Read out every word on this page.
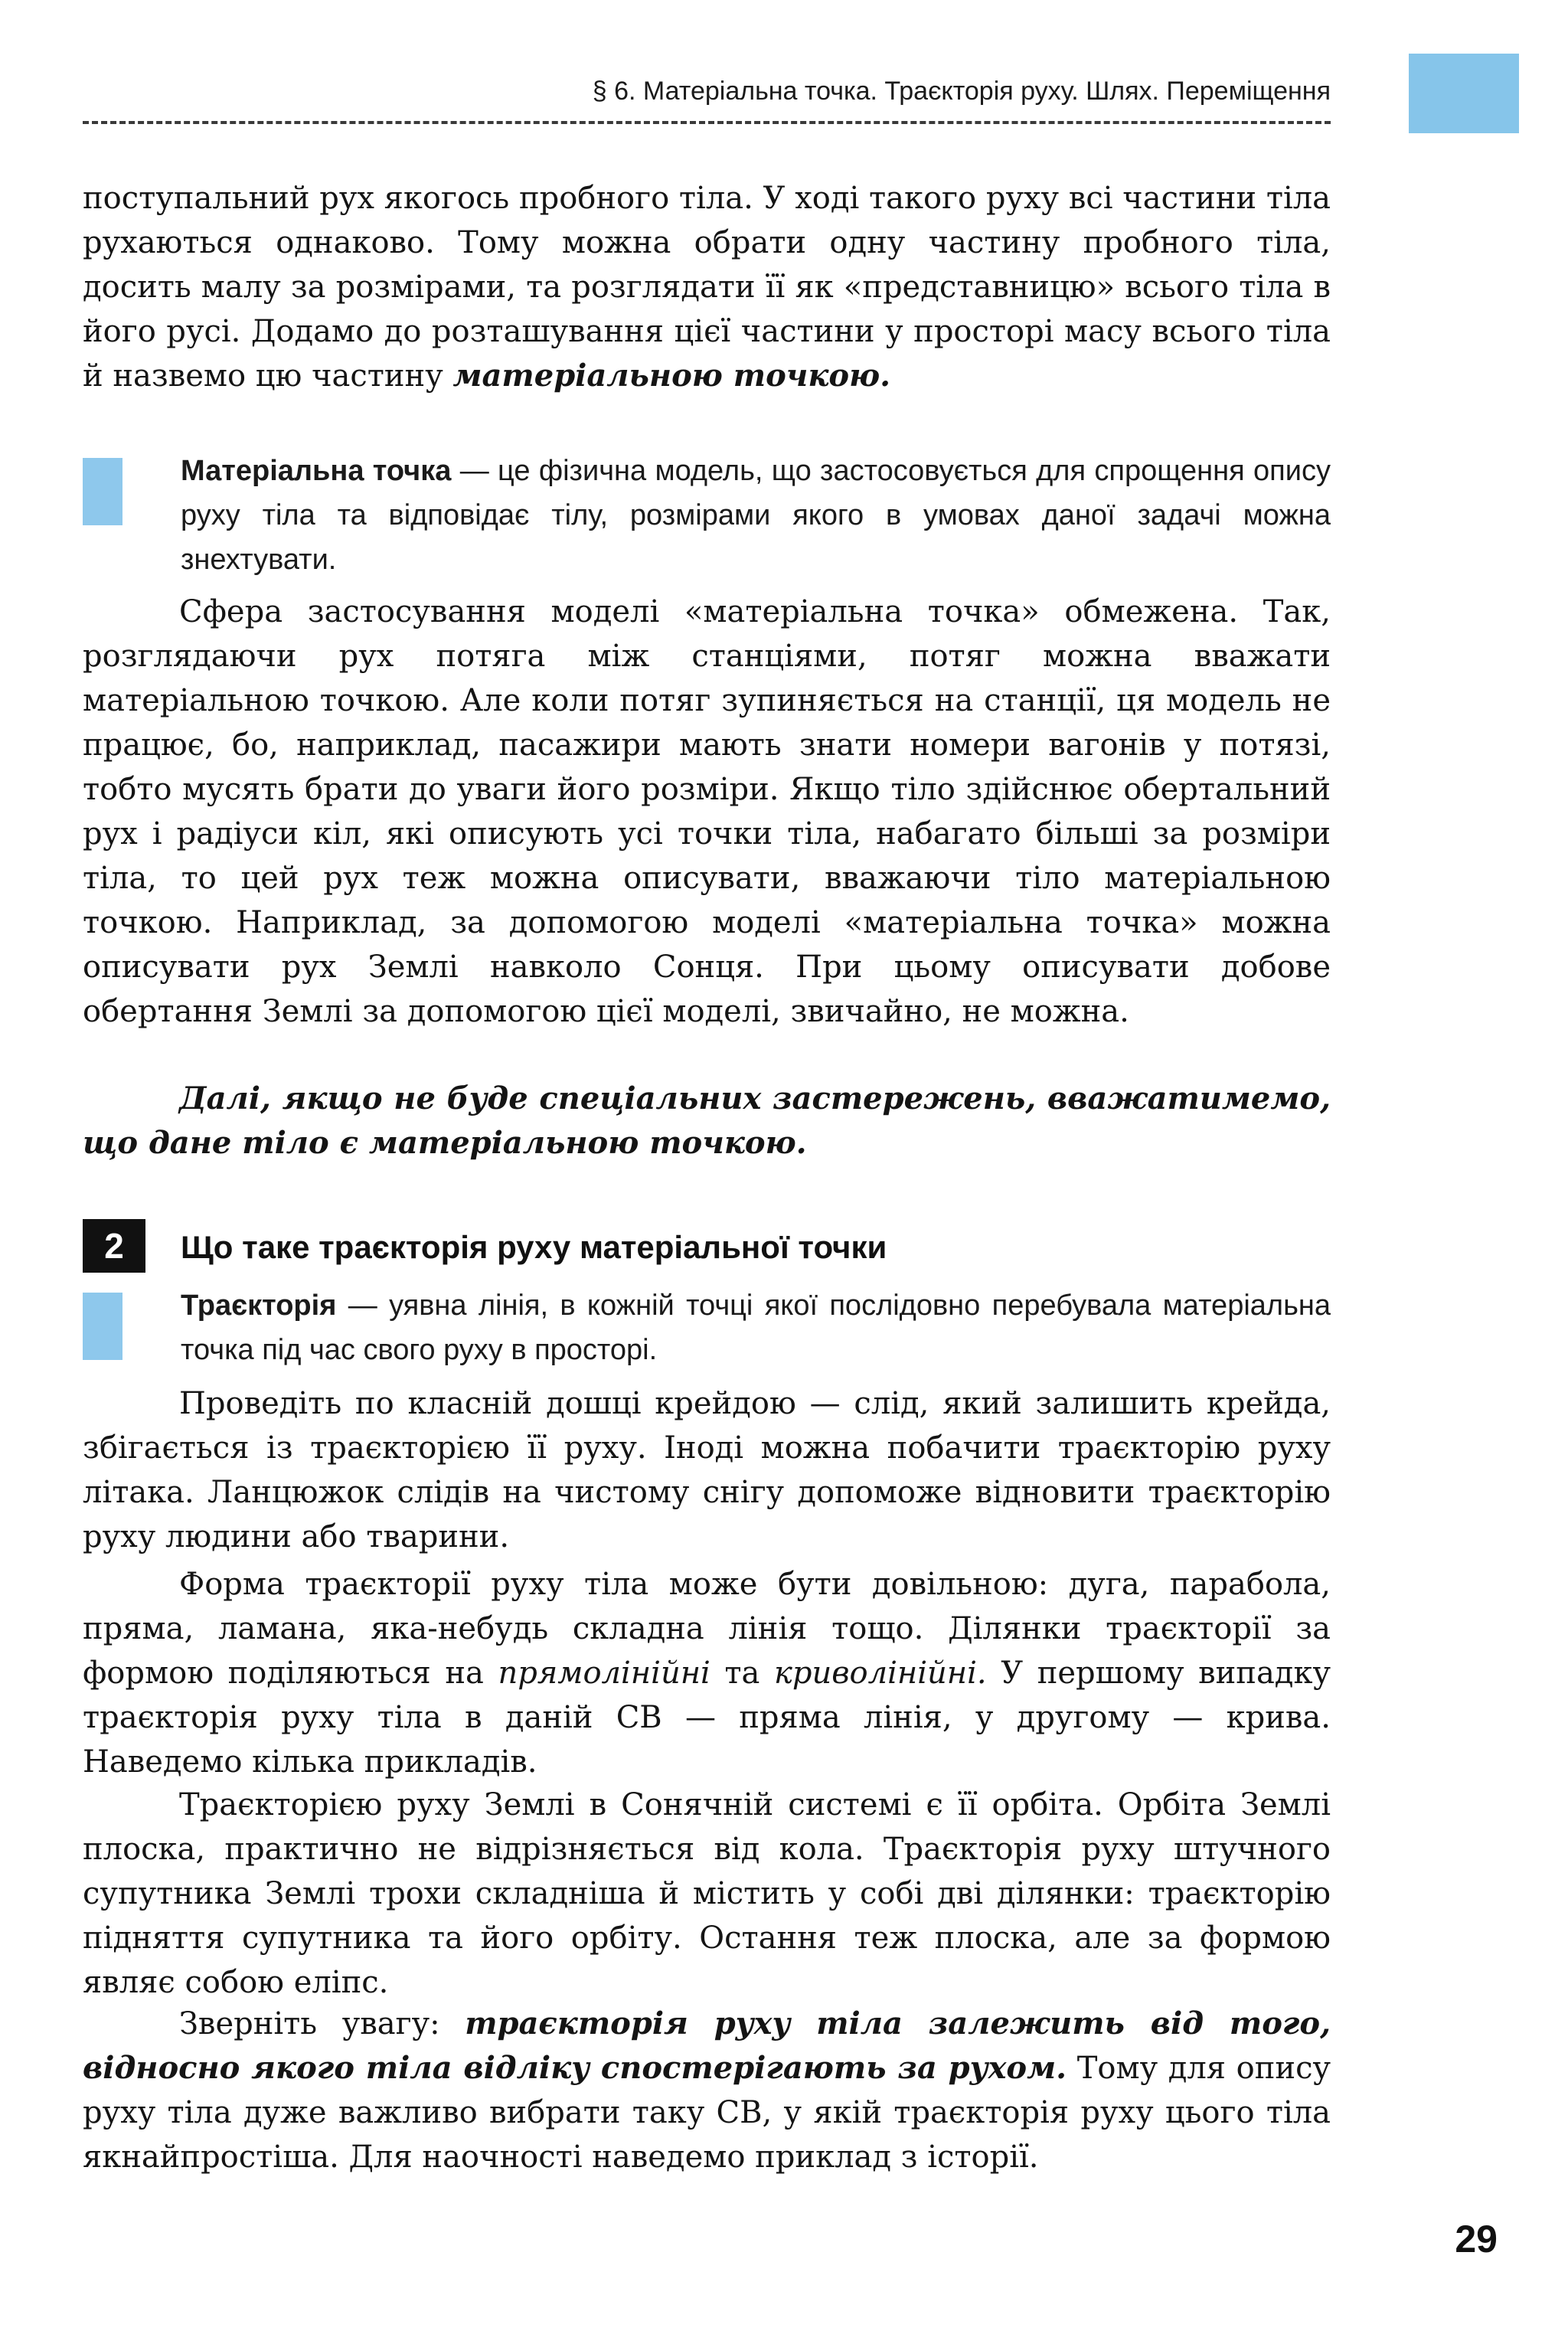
§ 6. Матеріальна точка. Траєкторія руху. Шлях. Переміщення

поступальний рух якогось пробного тіла. У ході такого руху всі частини тіла рухаються однаково. Тому можна обрати одну частину пробного тіла, досить малу за розмірами, та розглядати її як «представницю» всього тіла в його русі. Додамо до розташування цієї частини у просторі масу всього тіла й назвемо цю частину матеріальною точкою.

Матеріальна точка — це фізична модель, що застосовується для спрощення опису руху тіла та відповідає тілу, розмірами якого в умовах даної задачі можна знехтувати.

Сфера застосування моделі «матеріальна точка» обмежена. Так, розглядаючи рух потяга між станціями, потяг можна вважати матеріальною точкою. Але коли потяг зупиняється на станції, ця модель не працює, бо, наприклад, пасажири мають знати номери вагонів у потязі, тобто мусять брати до уваги його розміри. Якщо тіло здійснює обертальний рух і радіуси кіл, які описують усі точки тіла, набагато більші за розміри тіла, то цей рух теж можна описувати, вважаючи тіло матеріальною точкою. Наприклад, за допомогою моделі «матеріальна точка» можна описувати рух Землі навколо Сонця. При цьому описувати добове обертання Землі за допомогою цієї моделі, звичайно, не можна.

Далі, якщо не буде спеціальних застережень, вважатимемо, що дане тіло є матеріальною точкою.

2	Що таке траєкторія руху матеріальної точки

Траєкторія — уявна лінія, в кожній точці якої послідовно перебувала матеріальна точка під час свого руху в просторі.

Проведіть по класній дошці крейдою — слід, який залишить крейда, збігається із траєкторією її руху. Іноді можна побачити траєкторію руху літака. Ланцюжок слідів на чистому снігу допоможе відновити траєкторію руху людини або тварини.

Форма траєкторії руху тіла може бути довільною: дуга, парабола, пряма, ламана, яка-небудь складна лінія тощо. Ділянки траєкторії за формою поділяються на прямолінійні та криволінійні. У першому випадку траєкторія руху тіла в даній СВ — пряма лінія, у другому — крива. Наведемо кілька прикладів.

Траєкторією руху Землі в Сонячній системі є її орбіта. Орбіта Землі плоска, практично не відрізняється від кола. Траєкторія руху штучного супутника Землі трохи складніша й містить у собі дві ділянки: траєкторію підняття супутника та його орбіту. Остання теж плоска, але за формою являє собою еліпс.

Зверніть увагу: траєкторія руху тіла залежить від того, відносно якого тіла відліку спостерігають за рухом. Тому для опису руху тіла дуже важливо вибрати таку СВ, у якій траєкторія руху цього тіла якнайпростіша. Для наочності наведемо приклад з історії.

29
